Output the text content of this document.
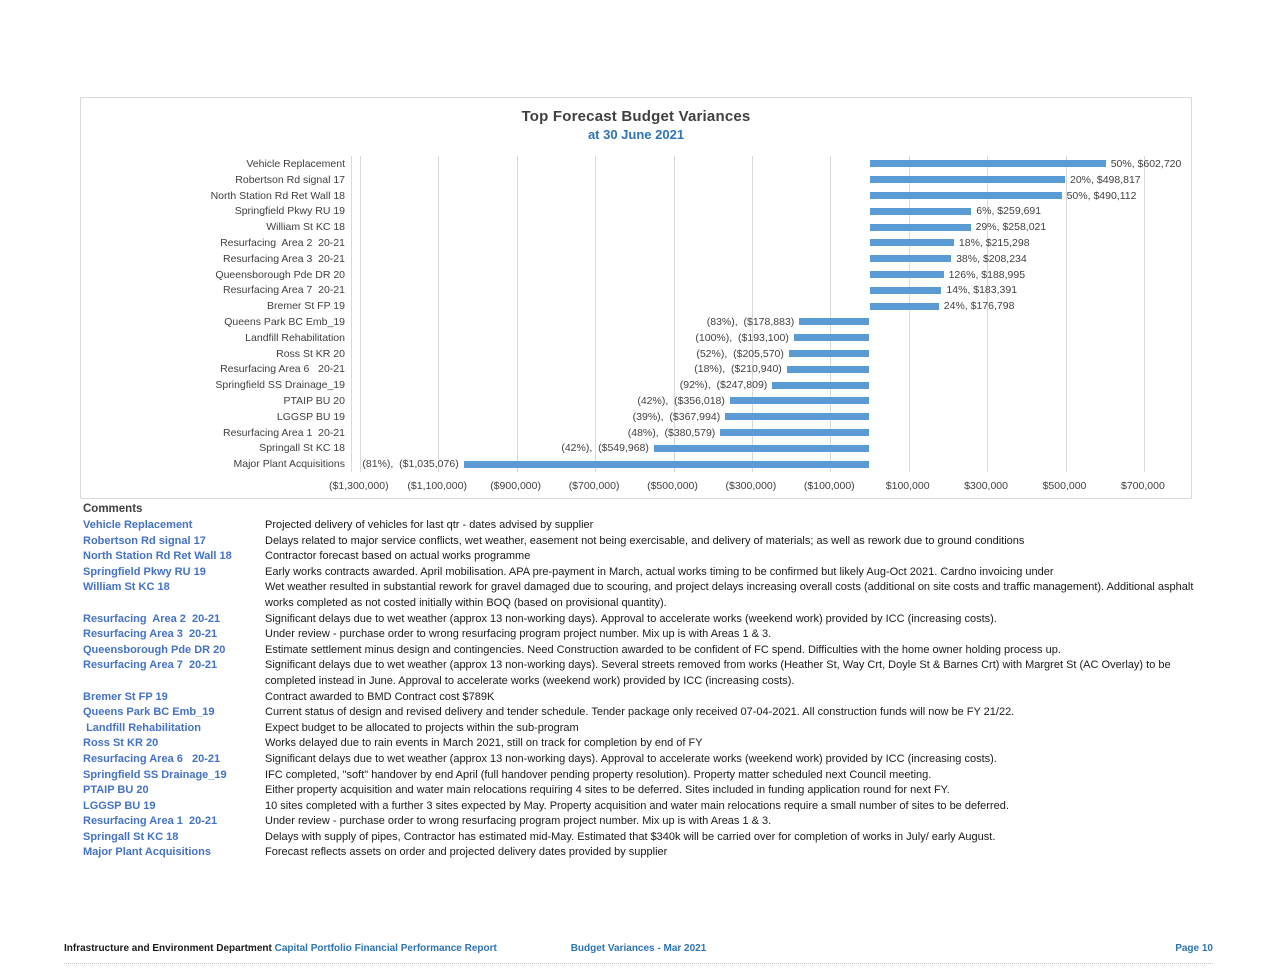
Top Forecast Budget Variances
at 30 June 2021
Vehicle Replacement
Robertson Rd signal 17
North Station Rd Ret Wall 18
Springfield Pkwy RU 19
William St KC 18
Resurfacing  Area 2  20-21
Resurfacing Area 3  20-21
Queensborough Pde DR 20
Resurfacing Area 7  20-21
Bremer St FP 19
Queens Park BC Emb_19
Landfill Rehabilitation
Ross St KR 20
Resurfacing Area 6   20-21
Springfield SS Drainage_19
PTAIP BU 20
LGGSP BU 19
Resurfacing Area 1  20-21
Springall St KC 18
Major Plant Acquisitions
50%, $602,720
20%, $498,817
50%, $490,112
6%, $259,691
29%, $258,021
18%, $215,298
38%, $208,234
126%, $188,995
14%, $183,391
24%, $176,798
(83%),  ($178,883)
(100%),  ($193,100)
(52%),  ($205,570)
(18%),  ($210,940)
(92%),  ($247,809)
(42%),  ($356,018)
(39%),  ($367,994)
(48%),  ($380,579)
(42%),  ($549,968)
(81%),  ($1,035,076)
($1,300,000)	($1,100,000)	($900,000)	($700,000)	($500,000)	($300,000)	($100,000)	$100,000	$300,000	$500,000	$700,000
Comments
Vehicle Replacement	Projected delivery of vehicles for last qtr - dates advised by supplier
Robertson Rd signal 17	Delays related to major service conflicts, wet weather, easement not being exercisable, and delivery of materials; as well as rework due to ground conditions
North Station Rd Ret Wall 18	Contractor forecast based on actual works programme
Springfield Pkwy RU 19	Early works contracts awarded. April mobilisation. APA pre-payment in March, actual works timing to be confirmed but likely Aug-Oct 2021. Cardno invoicing under
William St KC 18	Wet weather resulted in substantial rework for gravel damaged due to scouring, and project delays increasing overall costs (additional on site costs and traffic management). Additional asphalt works completed as not costed initially within BOQ (based on provisional quantity).
Resurfacing  Area 2  20-21	Significant delays due to wet weather (approx 13 non-working days). Approval to accelerate works (weekend work) provided by ICC (increasing costs).
Resurfacing Area 3  20-21	Under review - purchase order to wrong resurfacing program project number. Mix up is with Areas 1 & 3.
Queensborough Pde DR 20	Estimate settlement minus design and contingencies. Need Construction awarded to be confident of FC spend. Difficulties with the home owner holding process up.
Resurfacing Area 7  20-21	Significant delays due to wet weather (approx 13 non-working days). Several streets removed from works (Heather St, Way Crt, Doyle St & Barnes Crt) with Margret St (AC Overlay) to be completed instead in June. Approval to accelerate works (weekend work) provided by ICC (increasing costs).
Bremer St FP 19	Contract awarded to BMD Contract cost $789K
Queens Park BC Emb_19	Current status of design and revised delivery and tender schedule. Tender package only received 07-04-2021. All construction funds will now be FY 21/22.
Landfill Rehabilitation	Expect budget to be allocated to projects within the sub-program
Ross St KR 20	Works delayed due to rain events in March 2021, still on track for completion by end of FY
Resurfacing Area 6   20-21	Significant delays due to wet weather (approx 13 non-working days). Approval to accelerate works (weekend work) provided by ICC (increasing costs).
Springfield SS Drainage_19	IFC completed, "soft" handover by end April (full handover pending property resolution). Property matter scheduled next Council meeting.
PTAIP BU 20	Either property acquisition and water main relocations requiring 4 sites to be deferred. Sites included in funding application round for next FY.
LGGSP BU 19	10 sites completed with a further 3 sites expected by May. Property acquisition and water main relocations require a small number of sites to be deferred.
Resurfacing Area 1  20-21	Under review - purchase order to wrong resurfacing program project number. Mix up is with Areas 1 & 3.
Springall St KC 18	Delays with supply of pipes, Contractor has estimated mid-May. Estimated that $340k will be carried over for completion of works in July/ early August.
Major Plant Acquisitions	Forecast reflects assets on order and projected delivery dates provided by supplier
Infrastructure and Environment Department Capital Portfolio Financial Performance Report	Budget Variances - Mar 2021	Page 10
